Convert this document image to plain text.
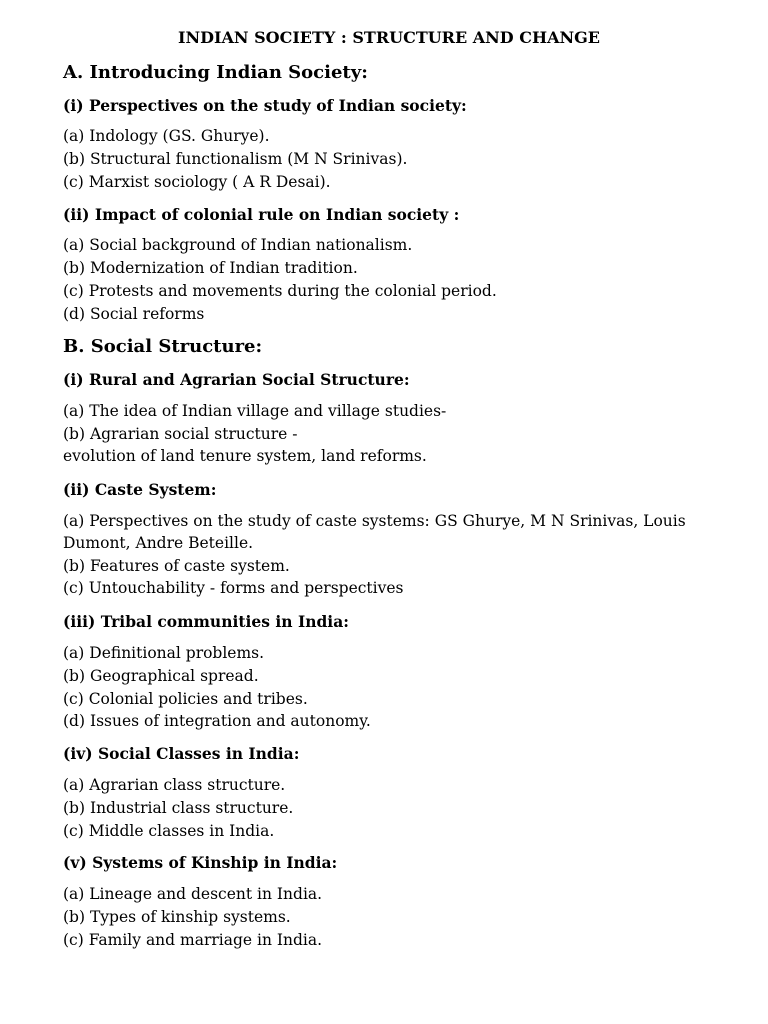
INDIAN SOCIETY : STRUCTURE AND CHANGE
A. Introducing Indian Society:
(i) Perspectives on the study of Indian society:
(a) Indology (GS. Ghurye).
(b) Structural functionalism (M N Srinivas).
(c) Marxist sociology ( A R Desai).
(ii) Impact of colonial rule on Indian society :
(a) Social background of Indian nationalism.
(b) Modernization of Indian tradition.
(c) Protests and movements during the colonial period.
(d) Social reforms
B. Social Structure:
(i) Rural and Agrarian Social Structure:
(a) The idea of Indian village and village studies-
(b) Agrarian social structure -
evolution of land tenure system, land reforms.
(ii) Caste System:
(a) Perspectives on the study of caste systems: GS Ghurye, M N Srinivas, Louis
Dumont, Andre Beteille.
(b) Features of caste system.
(c) Untouchability - forms and perspectives
(iii) Tribal communities in India:
(a) Definitional problems.
(b) Geographical spread.
(c) Colonial policies and tribes.
(d) Issues of integration and autonomy.
(iv) Social Classes in India:
(a) Agrarian class structure.
(b) Industrial class structure.
(c) Middle classes in India.
(v) Systems of Kinship in India:
(a) Lineage and descent in India.
(b) Types of kinship systems.
(c) Family and marriage in India.
